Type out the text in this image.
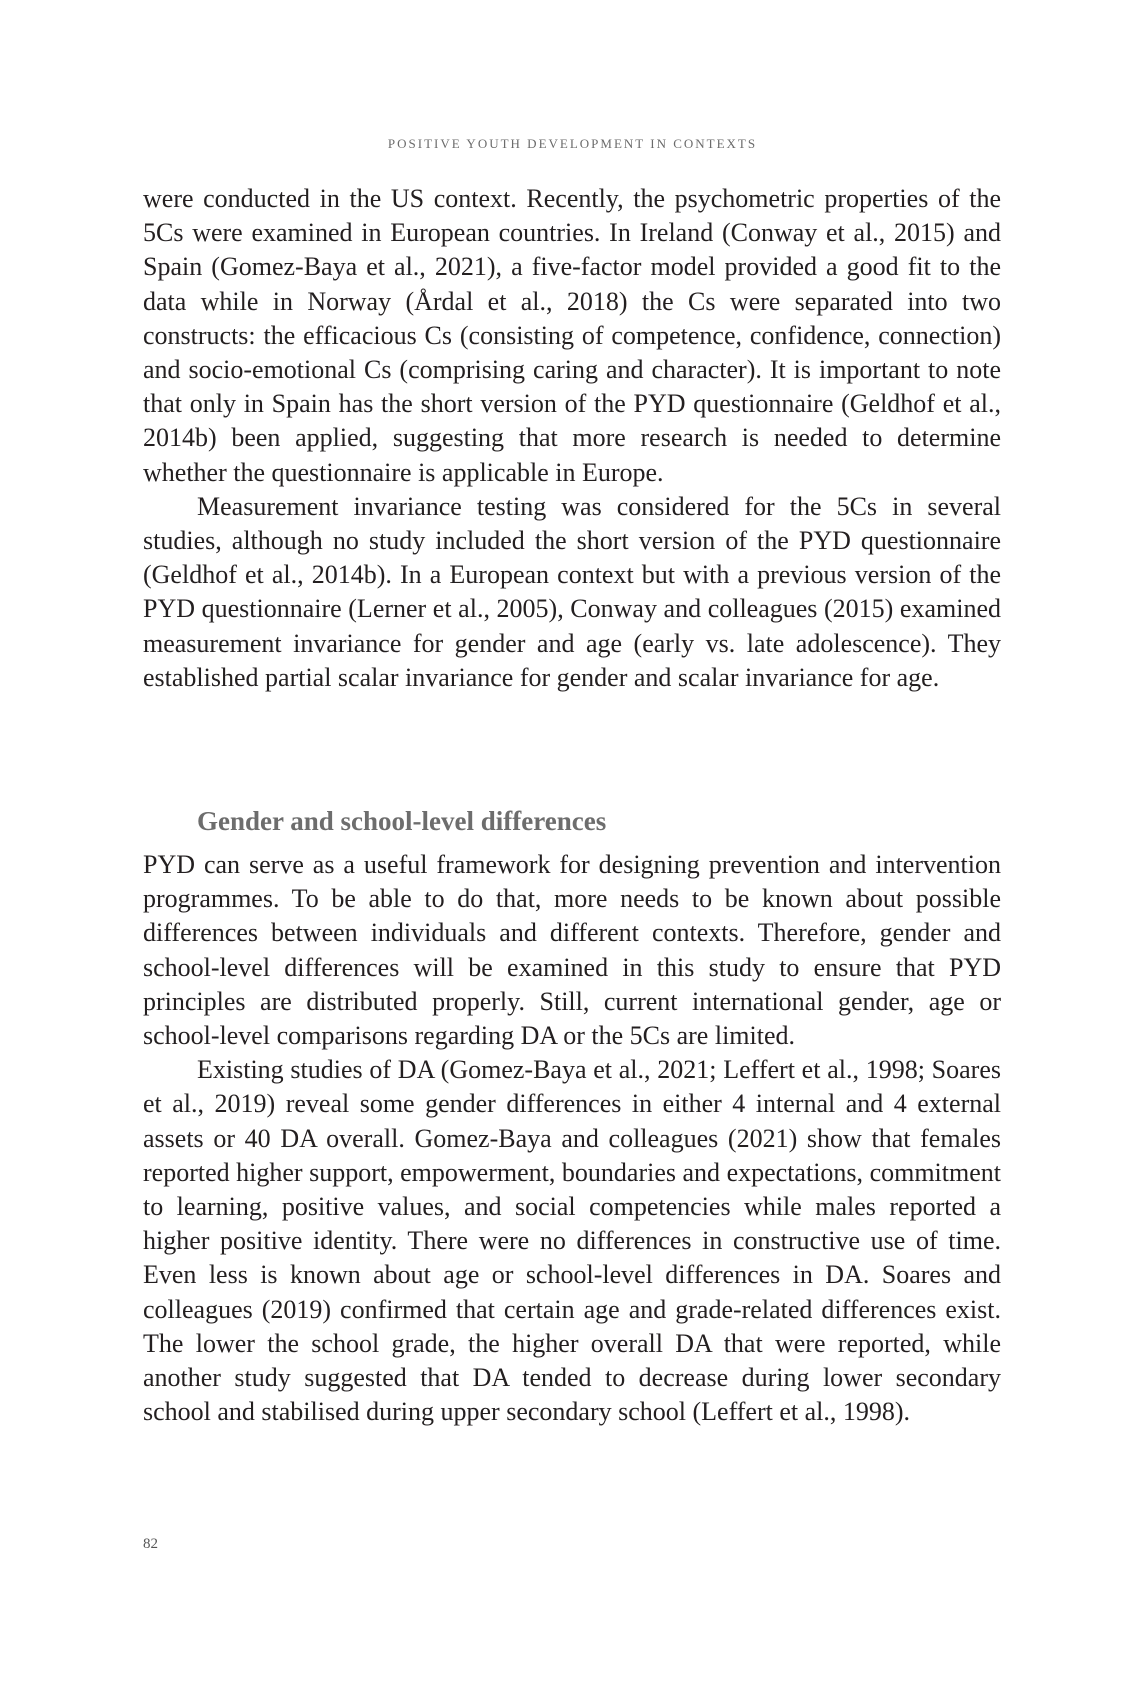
POSITIVE YOUTH DEVELOPMENT IN CONTEXTS

were conducted in the US context. Recently, the psychometric properties of the 5Cs were examined in European countries. In Ireland (Conway et al., 2015) and Spain (Gomez-Baya et al., 2021), a five-factor model provided a good fit to the data while in Norway (Årdal et al., 2018) the Cs were separated into two constructs: the efficacious Cs (consisting of competence, confidence, connection) and socio-emotional Cs (comprising caring and character). It is important to note that only in Spain has the short version of the PYD questionnaire (Geldhof et al., 2014b) been applied, suggesting that more research is needed to determine whether the questionnaire is applicable in Europe.

Measurement invariance testing was considered for the 5Cs in several studies, although no study included the short version of the PYD questionnaire (Geldhof et al., 2014b). In a European context but with a previous version of the PYD questionnaire (Lerner et al., 2005), Conway and colleagues (2015) examined measurement invariance for gender and age (early vs. late adolescence). They established partial scalar invariance for gender and scalar invariance for age.

Gender and school-level differences

PYD can serve as a useful framework for designing prevention and intervention programmes. To be able to do that, more needs to be known about possible differences between individuals and different contexts. Therefore, gender and school-level differences will be examined in this study to ensure that PYD principles are distributed properly. Still, current international gender, age or school-level comparisons regarding DA or the 5Cs are limited.

Existing studies of DA (Gomez-Baya et al., 2021; Leffert et al., 1998; Soares et al., 2019) reveal some gender differences in either 4 internal and 4 external assets or 40 DA overall. Gomez-Baya and colleagues (2021) show that females reported higher support, empowerment, boundaries and expectations, commitment to learning, positive values, and social competencies while males reported a higher positive identity. There were no differences in constructive use of time. Even less is known about age or school-level differences in DA. Soares and colleagues (2019) confirmed that certain age and grade-related differences exist. The lower the school grade, the higher overall DA that were reported, while another study suggested that DA tended to decrease during lower secondary school and stabilised during upper secondary school (Leffert et al., 1998).

82
